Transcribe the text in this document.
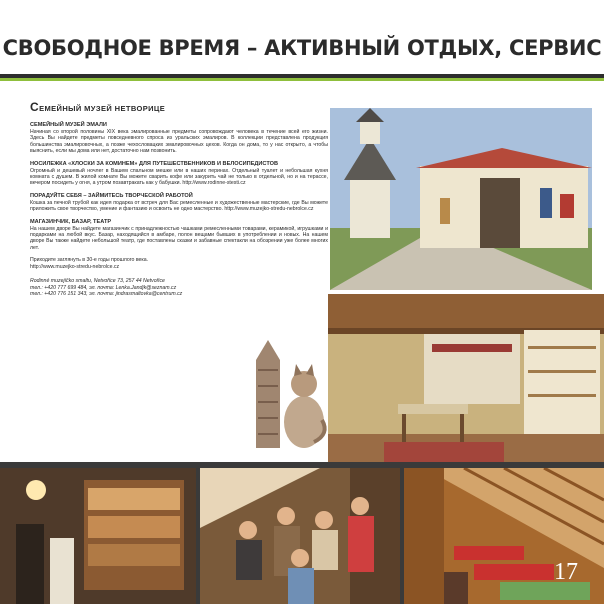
СВОБОДНОЕ ВРЕМЯ – АКТИВНЫЙ ОТДЫХ, СЕРВИС
СЕМЕЙНЫЙ МУЗЕЙ НЕТВОРИЦЕ
СЕМЕЙНЫЙ МУЗЕЙ ЭМАЛИ
Начиная со второй половины XIX века эмалированные предметы сопровождают человека в течение всей его жизни. Здесь Вы найдете предметы повседневного спроса из уральских эмалиров. В коллекции представлена продукция большинства эмалировочных, а позже чехословацких эмалировочных цехов. Когда он дома, то у нас открыто, а чтобы выяснить, если мы дома или нет, достаточно нам позвонить.
НОСИЛЕЖКА «ХЛОСКИ ЗА КОМИНЕМ» ДЛЯ ПУТЕШЕСТВЕННИКОВ И ВЕЛОСИПЕДИСТОВ
Огромный и дешевый ночлег в Вашем спальном мешке или в наших перинах. Отдельный туалет и небольшая кухня комната с душем. В жилой комнате Вы можете сварить кофе или закурить чай не только в отдельной, но и на терассе, вечером посидеть у огня, а утром позавтракать как у бабушки. http://www.rodinne-stesti.cz
ПОРАДУЙТЕ СЕБЯ – ЗАЙМИТЕСЬ ТВОРЧЕСКОЙ РАБОТОЙ
Кошка за печной трубой как идея подарка от встреч для Вас ремесленные и художественные мастерские, где Вы можете приложить свое творчество, умение и фантазию и освоить не одно мастерство. http://www.muzejko-stredu-nebrolce.cz
МАГАЗИНЧИК, БАЗАР, ТЕАТР
На нашем дворе Вы найдете магазинчик с принадлежностью чашками ремесленными товарами, керамикой, игрушками и подарками на любой вкус. Базар, находящийся в амбаре, полон вещами бывших в употреблении и новых. На нашем дворе Вы также найдете небольшой театр, где поставлены сказки и забавные спектакли на обозрении уже более многих лет.
Приходите заглянуть в 30-е годы прошлого века.
http://www.muzejko-stredu-nebrolce.cz
Rodinné muzejíčko smaltu, Netvořice 73, 257 44 Netvořice
тел.: +420 777 699 484, эл. почта: Lenka.Jandjk@seznam.cz
тел.: +420 776 151 343, эл. почта: jindrasmaltovka@centrum.cz
17
